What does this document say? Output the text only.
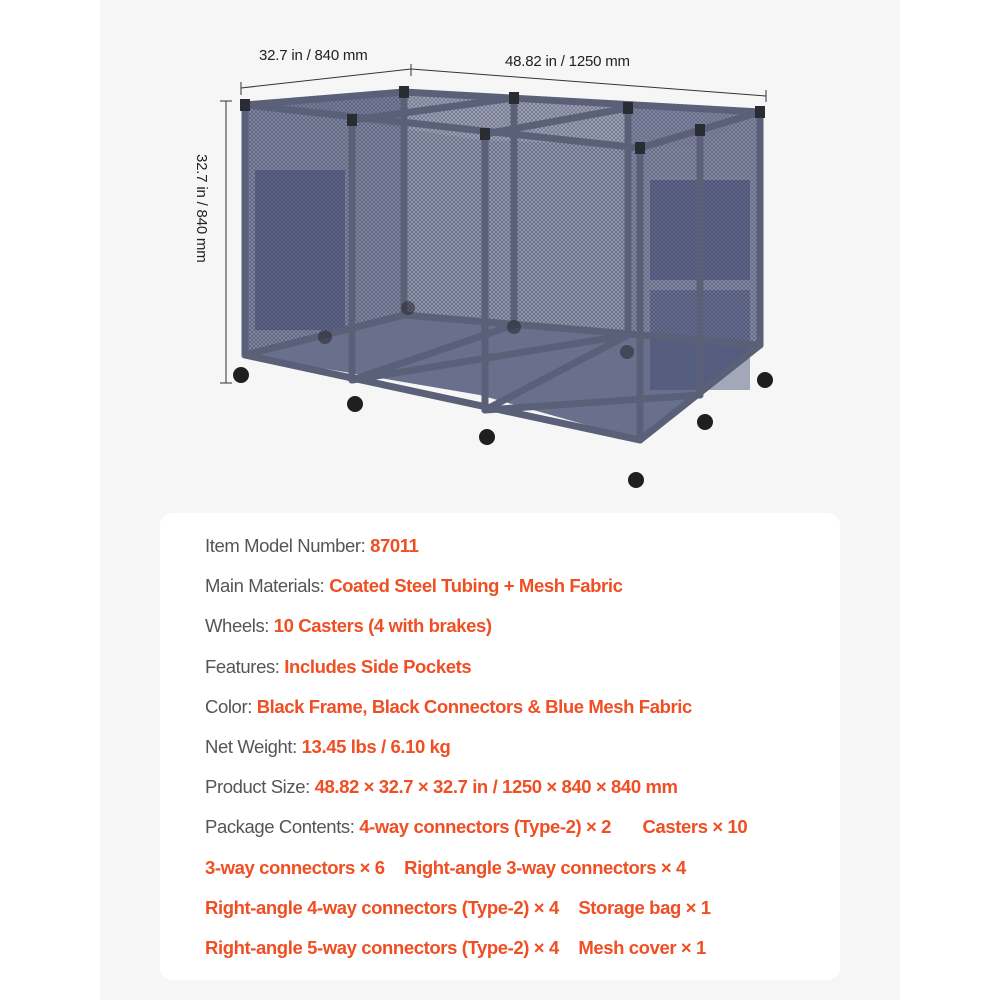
32.7 in / 840 mm	48.82 in / 1250 mm
32.7 in / 840 mm
Item Model Number: 87011
Main Materials: Coated Steel Tubing + Mesh Fabric
Wheels: 10 Casters (4 with brakes)
Features: Includes Side Pockets
Color: Black Frame, Black Connectors & Blue Mesh Fabric
Net Weight: 13.45 lbs / 6.10 kg
Product Size: 48.82 × 32.7 × 32.7 in / 1250 × 840 × 840 mm
Package Contents: 4-way connectors (Type-2) × 2 Casters × 10
3-way connectors × 6 Right-angle 3-way connectors × 4
Right-angle 4-way connectors (Type-2) × 4 Storage bag × 1
Right-angle 5-way connectors (Type-2) × 4 Mesh cover × 1
